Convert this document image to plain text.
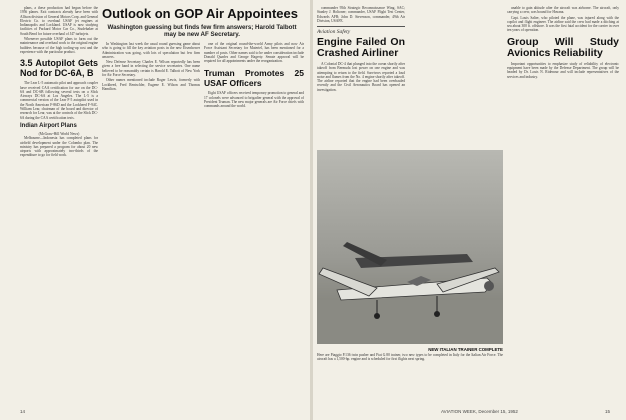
plans, a these production had begun before the 1956 planes. Exit contracts already have been with Allison division of General Motors Corp. and General Electric Co. to overhaul USAF jet engines at Indianapolis and Lockland. USAF is now studying facilities of Packard Motor Car Co., Studebaker at South Bend for future overhaul of J47 turbojets.

Whenever possible USAF plans to farm out the maintenance and overhaul work to the original engine builders because of the high tooling-up cost and the experience with the particular product.

3.5 Autopilot Gets Nod for DC-6A, B

The Lear L-5 automatic pilot and approach coupler have received CAA certification for use on the DC-6A and DC-6B following several tests on a Slick Airways DC-6A at Los Angeles. The L-5 is a commercial version of the Lear F-5 autopilot used in the North American F-86D and the Lockheed F-94C. William Lear, chairman of the board and director of research for Lear, was at the controls of the Slick DC-6A during the CAA certification tests.

Indian Airport Plans
(McGraw-Hill World News)

Melbourne—Indonesia has completed plans for airfield development under the Colombo plan. The ministry has prepared a program for about 20 new airports with approximately two-thirds of the expenditure to go for field work.

Outlook on GOP Air Appointees
Washington guessing but finds few firm answers; Harold Talbott may be new AF Secretary.

In Washington last week the usual round guessing game about who is going to fill the key aviation posts in the new Eisenhower Administration was going, with lots of speculation but few firm answers.

New Defense Secretary Charles E. Wilson reportedly has been given a free hand in selecting the service secretaries. One name believed to be reasonably certain is Harold E. Talbott of New York for Air Force Secretary.

Other names mentioned include Roger Lewis, formerly with Lockheed, Fred Rentschler, Eugene E. Wilson and Thomas Hamilton.

one of the original round-the-world Army pilots and now Air Force Assistant Secretary for Materiel, has been mentioned for a number of posts. Other names said to be under consideration include Donald Quarles and George Hagerty. Senate approval will be required for all appointments under the reorganization.

Truman Promotes 25 USAF Officers

Eight USAF officers received temporary promotion to general and 17 colonels were advanced to brigadier general with the approval of President Truman. The new major generals are Air Force chiefs with commands around the world.

14

commander 95th Strategic Reconnaissance Wing, SAC; Stanley J. Holtoner; commander, USAF Flight Test Center, Edwards AFB; John D. Stevenson, commander, 49th Air Division, USAFE.

Aviation Safety
Engine Failed On Crashed Airliner

A Colonial DC-4 that plunged into the ocean shortly after takeoff from Bermuda lost power on one engine and was attempting to return to the field. Survivors reported a loud noise and flames from the No. 4 engine shortly after takeoff. The airline reported that the engine had been overhauled recently and the Civil Aeronautics Board has opened an investigation.

unable to gain altitude after the aircraft was airborne. The aircraft, only carrying a crew, was bound for Havana.

Capt. Louis Salter, who piloted the plane, was injured along with the copilot and flight engineer. The airline said the crew had made a ditching at sea about 300 ft. offshore. It was the first fatal accident for the carrier in over ten years of operation.

Group Will Study Avionics Reliability

Important opportunities to emphasize study of reliability of electronic equipment have been made by the Defense Department. The group will be headed by Dr. Louis N. Ridenour and will include representatives of the services and industry.

NEW ITALIAN TRAINER COMPLETE

Here are Piaggio P.136 twin pusher and Fiat G.80 trainer, two new types to be completed in Italy for the Italian Air Force. The aircraft has a 1,500-hp. engine and is scheduled for first flights next spring.

AVIATION WEEK, December 15, 1952	15
